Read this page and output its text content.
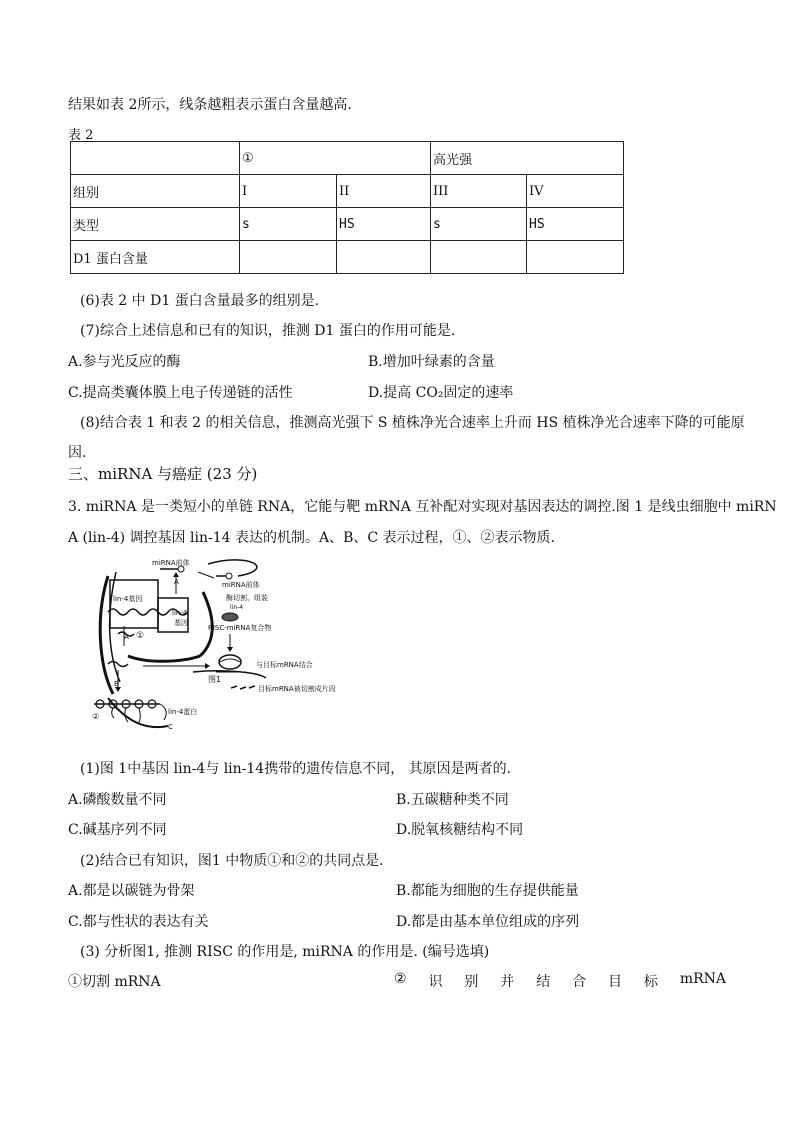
结果如表 2所示，线条越粗表示蛋白含量越高.
表 2
	①		高光强	
组别	I	II	III	IV
类型	s	HS	s	HS
D1 蛋白含量				
(6)表 2 中 D1 蛋白含量最多的组别是.
(7)综合上述信息和已有的知识，推测 D1 蛋白的作用可能是.
A.参与光反应的酶	B.增加叶绿素的含量
C.提高类囊体膜上电子传递链的活性	D.提高 CO₂固定的速率
(8)结合表 1 和表 2 的相关信息，推测高光强下 S 植株净光合速率上升而 HS 植株净光合速率下降的可能原
因.
三、miRNA 与癌症 (23 分)
3. miRNA 是一类短小的单链 RNA，它能与靶 mRNA 互补配对实现对基因表达的调控.图 1 是线虫细胞中 miRN
A (lin-4) 调控基因 lin-14 表达的机制。A、B、C 表示过程，①、②表示物质.
lin-4基因
lin-4
基因
miRNA前体
A	miRNA前体
酶切割、组装
lin-4
RISC-miRNA复合物
A ①
与目标mRNA结合
图1
目标mRNA被切割成片段
B
②	lin-4蛋白
C
(1)图 1中基因 lin-4与 lin-14携带的遗传信息不同， 其原因是两者的.
A.磷酸数量不同	B.五碳糖种类不同
C.碱基序列不同	D.脱氧核糖结构不同
(2)结合已有知识，图1 中物质①和②的共同点是.
A.都是以碳链为骨架	B.都能为细胞的生存提供能量
C.都与性状的表达有关	D.都是由基本单位组成的序列
(3) 分析图1, 推测 RISC 的作用是, miRNA 的作用是. (编号选填)
①切割 mRNA	② 识 别 并 结 合 目 标 mRNA
